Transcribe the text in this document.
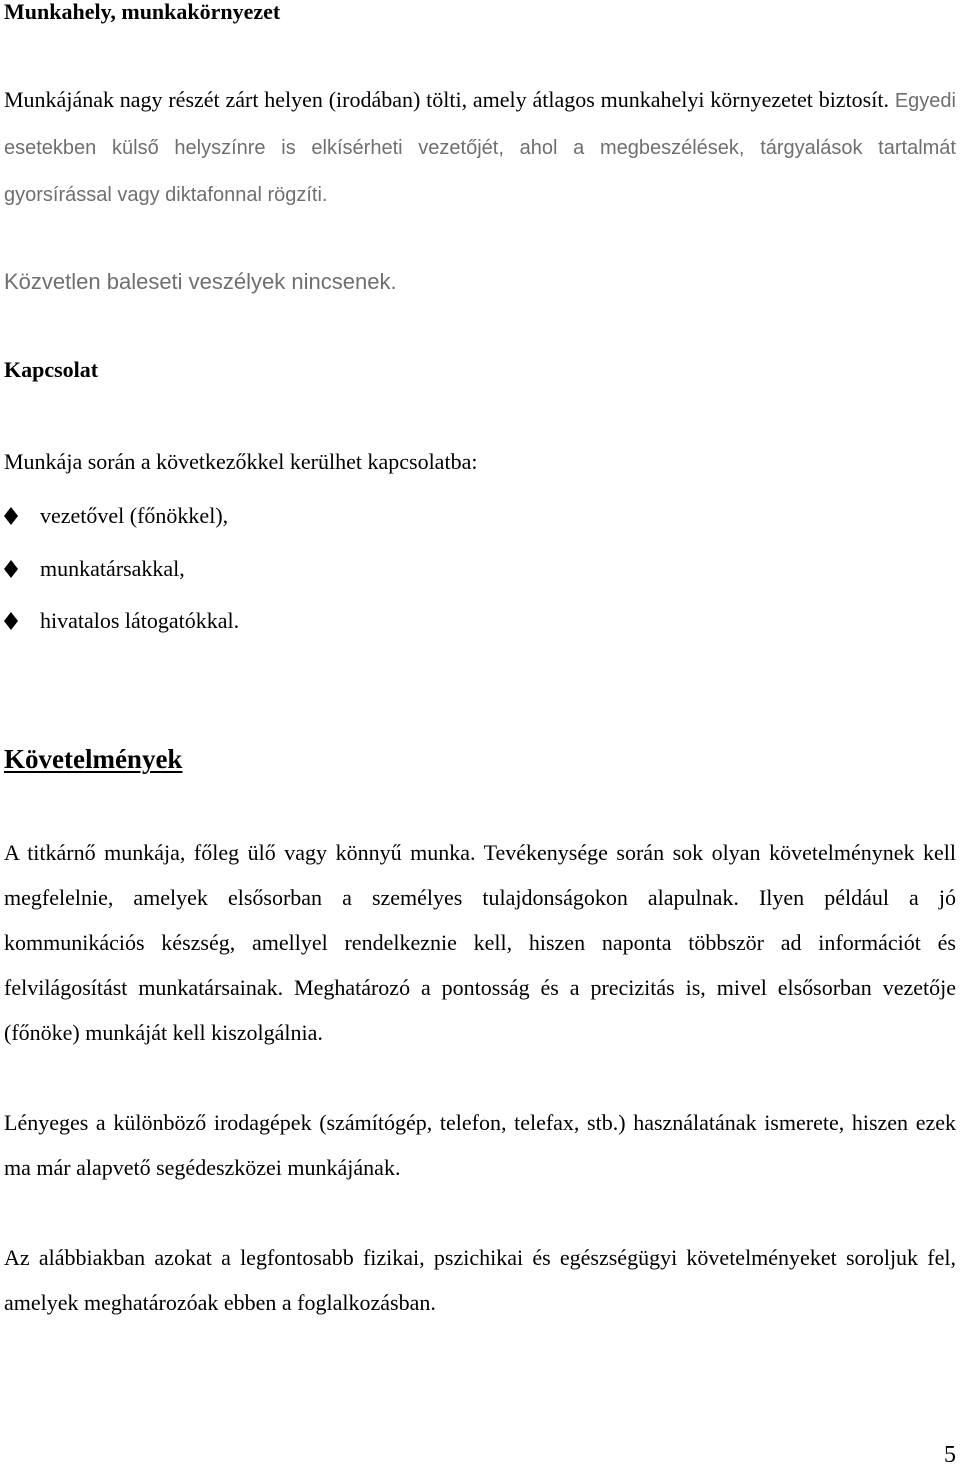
Munkahely, munkakörnyezet

Munkájának nagy részét zárt helyen (irodában) tölti, amely átlagos munkahelyi környezetet biztosít. Egyedi esetekben külső helyszínre is elkísérheti vezetőjét, ahol a megbeszélések, tárgyalások tartalmát gyorsírással vagy diktafonnal rögzíti.

Közvetlen baleseti veszélyek nincsenek.

Kapcsolat

Munkája során a következőkkel kerülhet kapcsolatba:

vezetővel (főnökkel),
munkatársakkal,
hivatalos látogatókkal.
Követelmények

A titkárnő munkája, főleg ülő vagy könnyű munka. Tevékenysége során sok olyan követelménynek kell megfelelnie, amelyek elsősorban a személyes tulajdonságokon alapulnak. Ilyen például a jó kommunikációs készség, amellyel rendelkeznie kell, hiszen naponta többször ad információt és felvilágosítást munkatársainak. Meghatározó a pontosság és a precizitás is, mivel elsősorban vezetője (főnöke) munkáját kell kiszolgálnia.

Lényeges a különböző irodagépek (számítógép, telefon, telefax, stb.) használatának ismerete, hiszen ezek ma már alapvető segédeszközei munkájának.

Az alábbiakban azokat a legfontosabb fizikai, pszichikai és egészségügyi követelményeket soroljuk fel, amelyek meghatározóak ebben a foglalkozásban.

5
